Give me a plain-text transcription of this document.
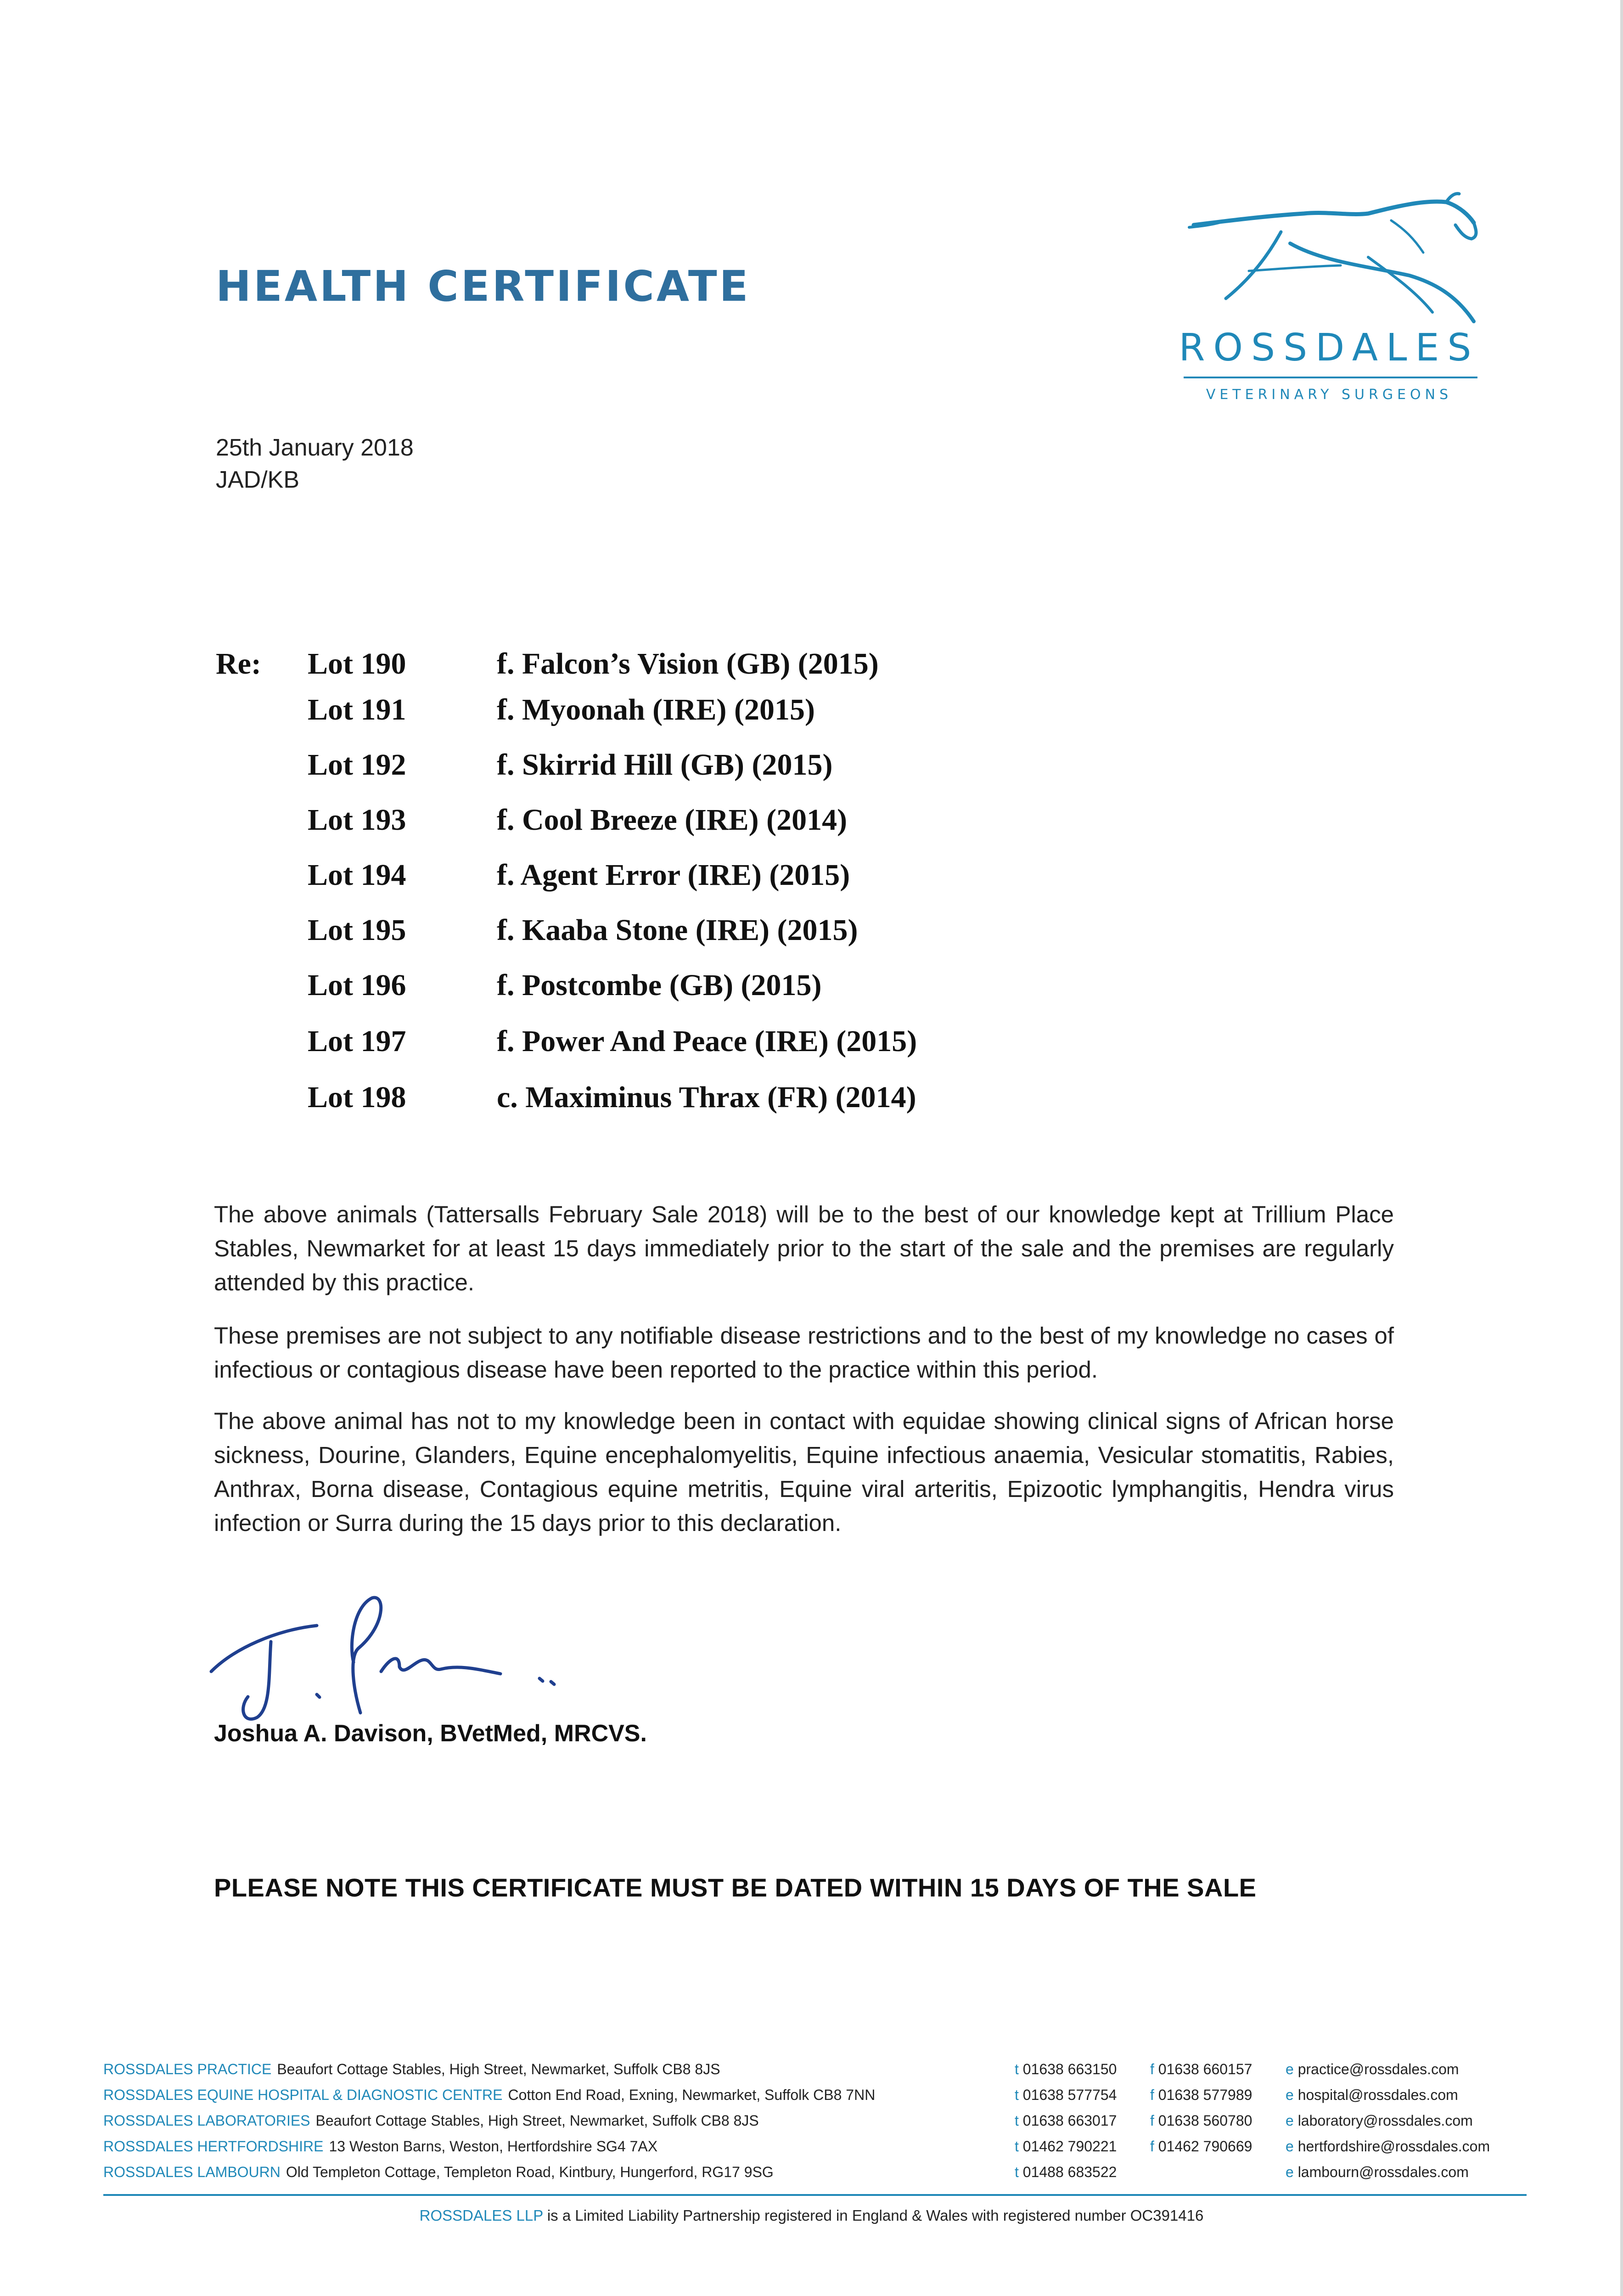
HEALTH CERTIFICATE
ROSSDALES
VETERINARY SURGEONS
25th January 2018
JAD/KB
Re: Lot 190	f. Falcon’s Vision (GB) (2015)
Lot 191	f. Myoonah (IRE) (2015)
Lot 192	f. Skirrid Hill (GB) (2015)
Lot 193	f. Cool Breeze (IRE) (2014)
Lot 194	f. Agent Error (IRE) (2015)
Lot 195	f. Kaaba Stone (IRE) (2015)
Lot 196	f. Postcombe (GB) (2015)
Lot 197	f. Power And Peace (IRE) (2015)
Lot 198	c. Maximinus Thrax (FR) (2014)
The above animals (Tattersalls February Sale 2018) will be to the best of our knowledge kept at Trillium Place Stables, Newmarket for at least 15 days immediately prior to the start of the sale and the premises are regularly attended by this practice.
These premises are not subject to any notifiable disease restrictions and to the best of my knowledge no cases of infectious or contagious disease have been reported to the practice within this period.
The above animal has not to my knowledge been in contact with equidae showing clinical signs of African horse sickness, Dourine, Glanders, Equine encephalomyelitis, Equine infectious anaemia, Vesicular stomatitis, Rabies, Anthrax, Borna disease, Contagious equine metritis, Equine viral arteritis, Epizootic lymphangitis, Hendra virus infection or Surra during the 15 days prior to this declaration.
Joshua A. Davison, BVetMed, MRCVS.
PLEASE NOTE THIS CERTIFICATE MUST BE DATED WITHIN 15 DAYS OF THE SALE
ROSSDALES PRACTICE Beaufort Cottage Stables, High Street, Newmarket, Suffolk CB8 8JS	t 01638 663150 f 01638 660157 e practice@rossdales.com
ROSSDALES EQUINE HOSPITAL & DIAGNOSTIC CENTRE Cotton End Road, Exning, Newmarket, Suffolk CB8 7NN	t 01638 577754 f 01638 577989 e hospital@rossdales.com
ROSSDALES LABORATORIES Beaufort Cottage Stables, High Street, Newmarket, Suffolk CB8 8JS	t 01638 663017 f 01638 560780 e laboratory@rossdales.com
ROSSDALES HERTFORDSHIRE 13 Weston Barns, Weston, Hertfordshire SG4 7AX	t 01462 790221 f 01462 790669 e hertfordshire@rossdales.com
ROSSDALES LAMBOURN Old Templeton Cottage, Templeton Road, Kintbury, Hungerford, RG17 9SG	t 01488 683522	e lambourn@rossdales.com
ROSSDALES LLP is a Limited Liability Partnership registered in England & Wales with registered number OC391416
